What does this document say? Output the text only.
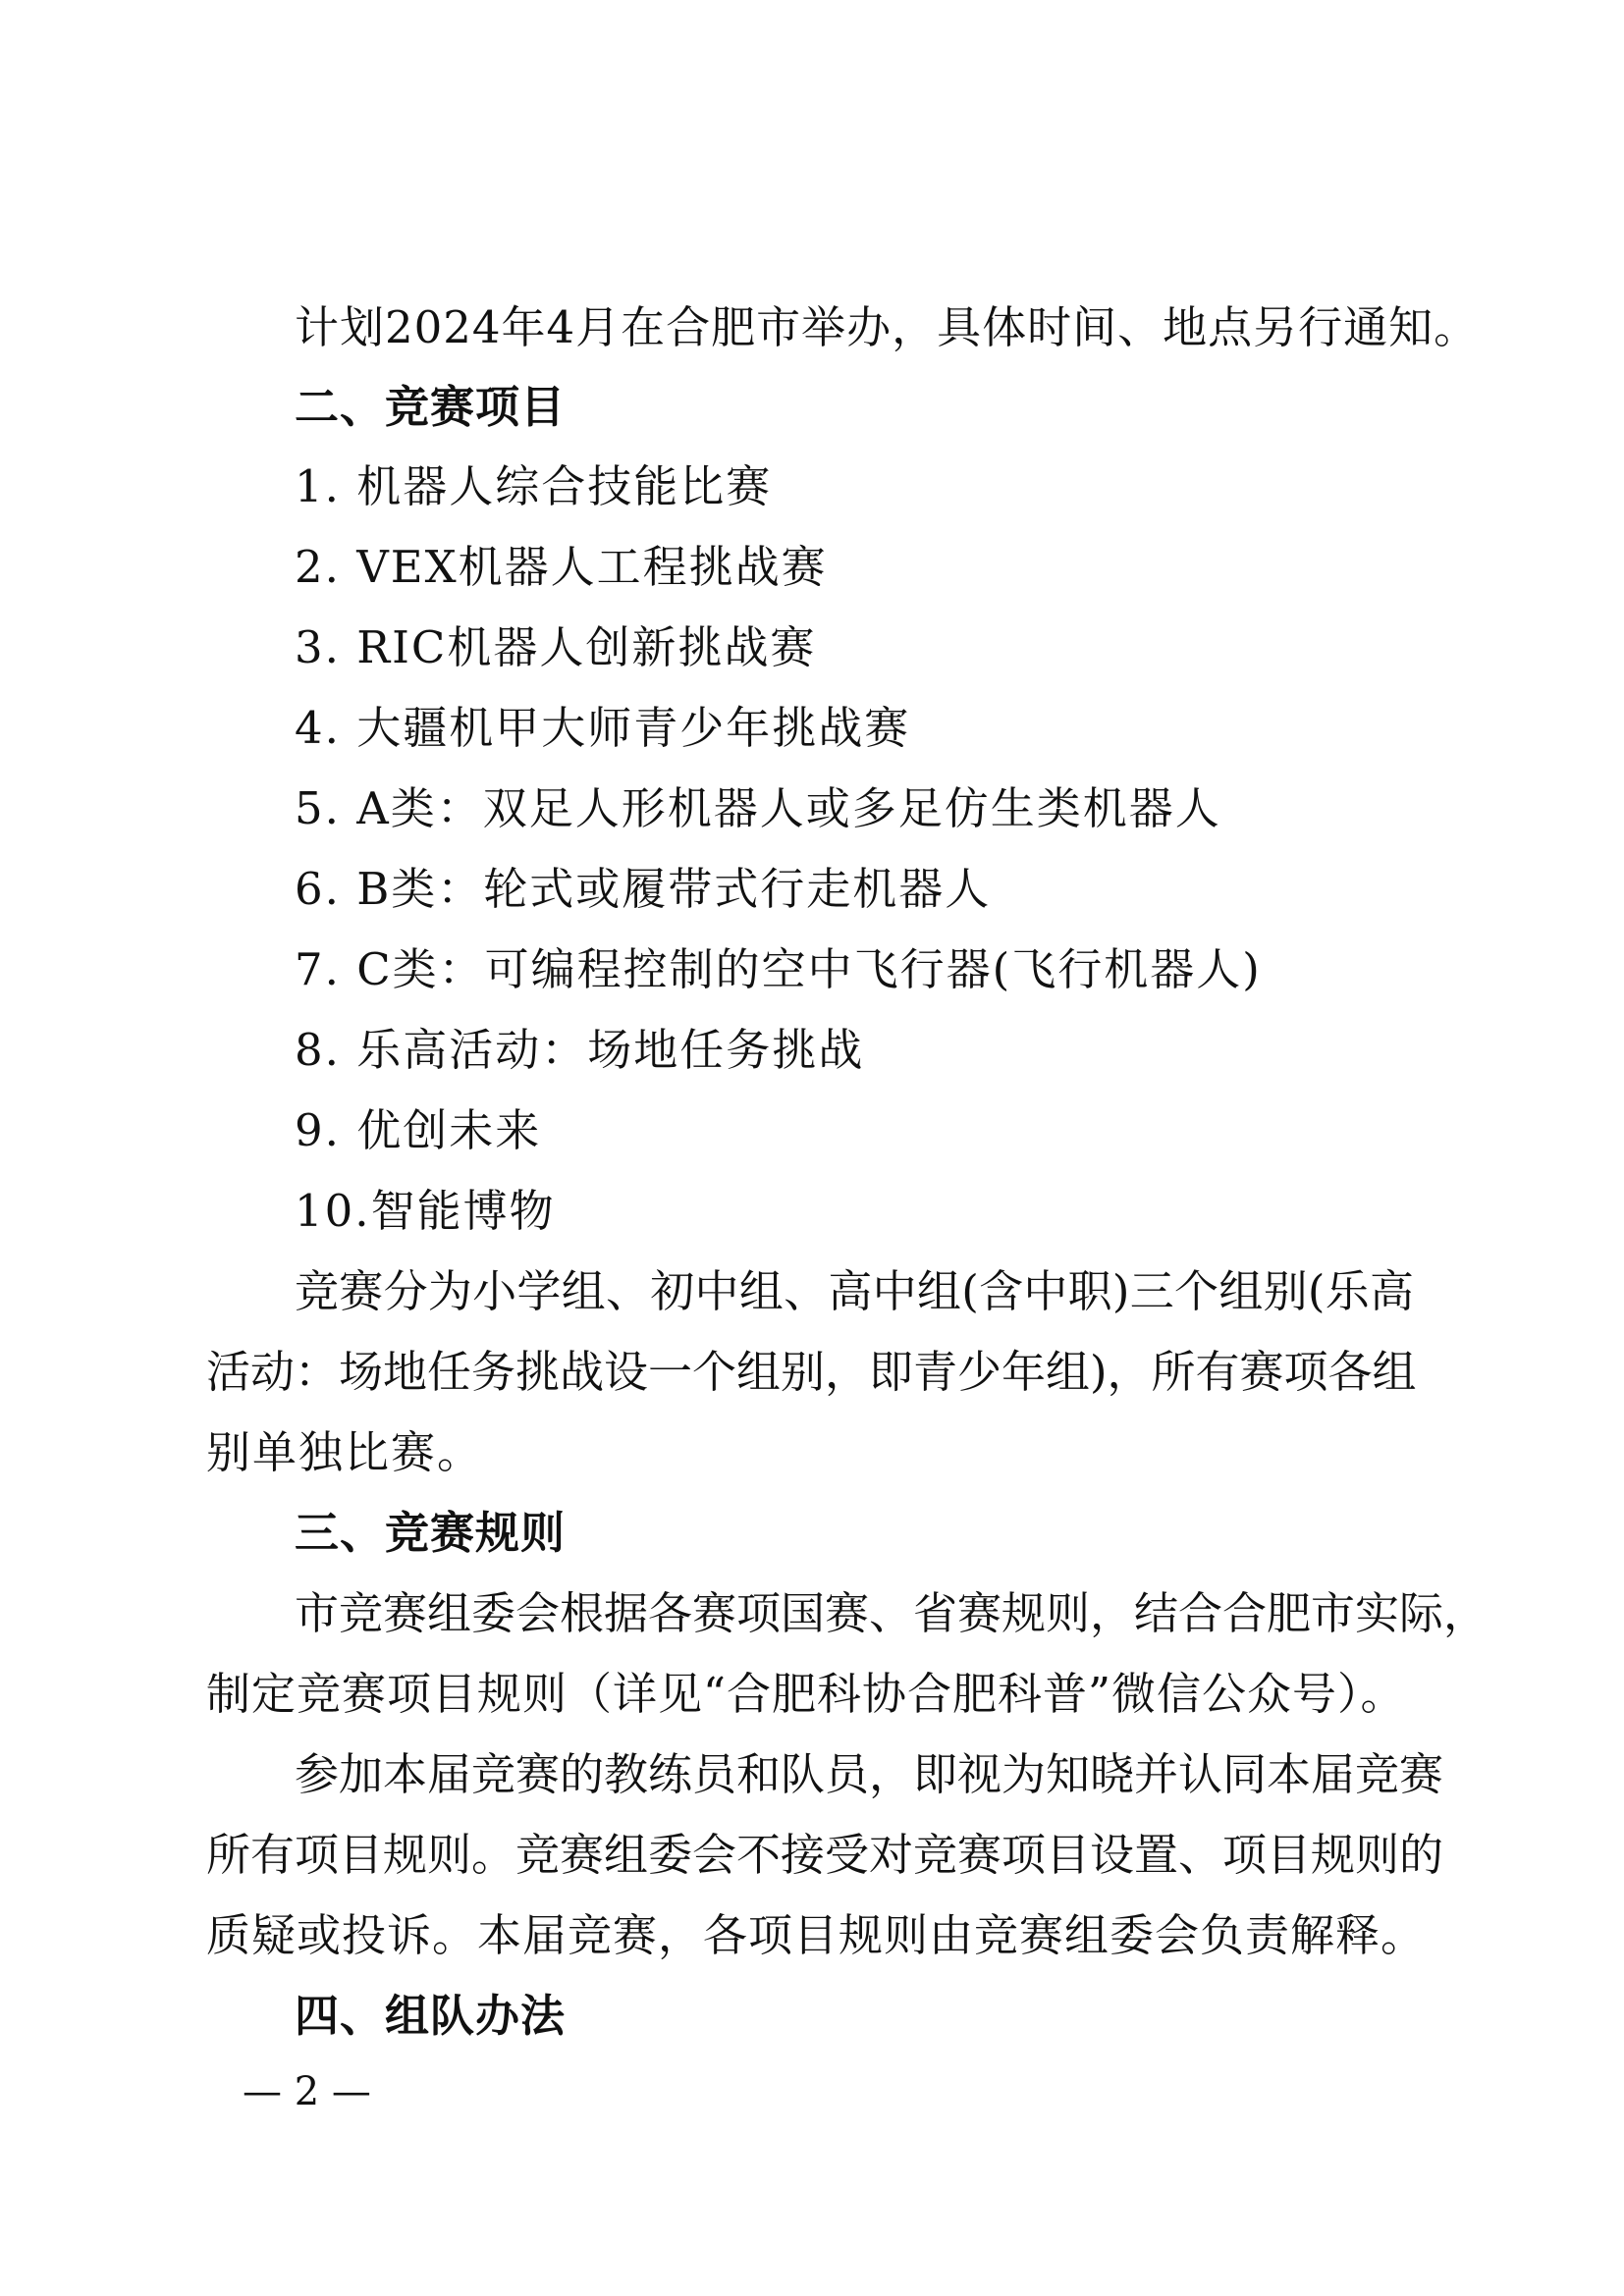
计划2024年4月在合肥市举办，具体时间、地点另行通知。
二、竞赛项目
1. 机器人综合技能比赛
2. VEX机器人工程挑战赛
3. RIC机器人创新挑战赛
4. 大疆机甲大师青少年挑战赛
5. A类：双足人形机器人或多足仿生类机器人
6. B类：轮式或履带式行走机器人
7. C类：可编程控制的空中飞行器(飞行机器人)
8. 乐高活动：场地任务挑战
9. 优创未来
10.智能博物
竞赛分为小学组、初中组、高中组(含中职)三个组别(乐高
活动：场地任务挑战设一个组别，即青少年组)，所有赛项各组
别单独比赛。
三、竞赛规则
市竞赛组委会根据各赛项国赛、省赛规则，结合合肥市实际，
制定竞赛项目规则（详见“合肥科协合肥科普”微信公众号）。
参加本届竞赛的教练员和队员，即视为知晓并认同本届竞赛
所有项目规则。竞赛组委会不接受对竞赛项目设置、项目规则的
质疑或投诉。本届竞赛，各项目规则由竞赛组委会负责解释。
四、组队办法
— 2 —
